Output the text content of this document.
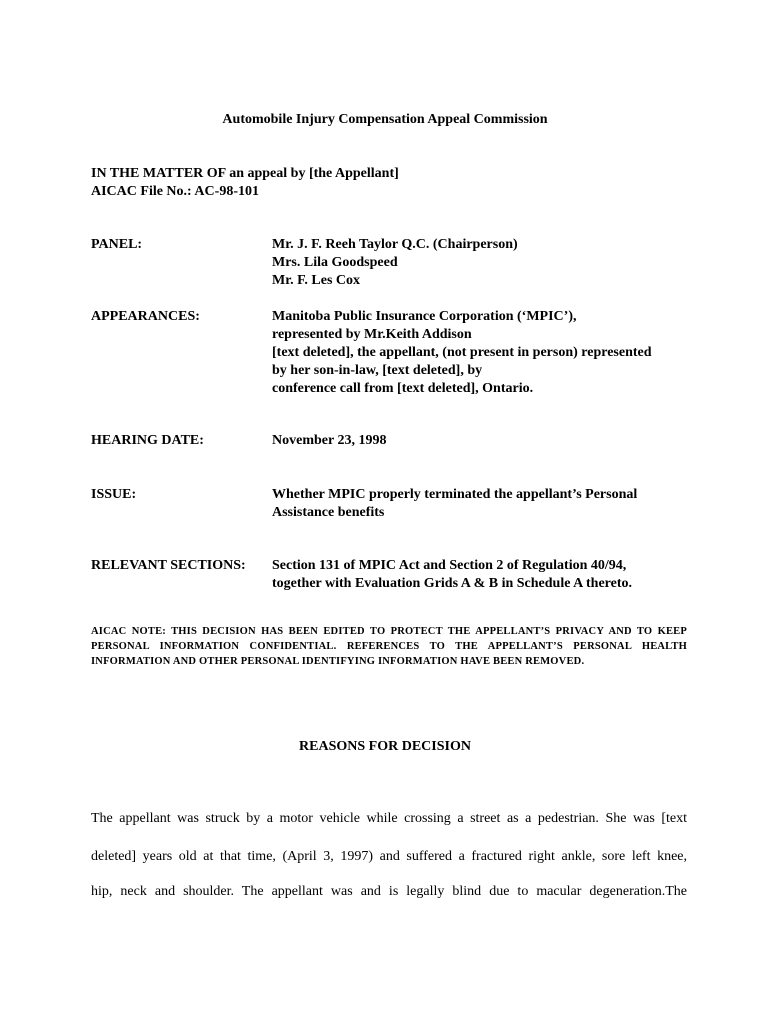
Automobile Injury Compensation Appeal Commission
IN THE MATTER OF an appeal by [the Appellant]
AICAC File No.: AC-98-101
PANEL:	Mr. J. F. Reeh Taylor Q.C. (Chairperson)
Mrs. Lila Goodspeed
Mr. F. Les Cox
APPEARANCES:	Manitoba Public Insurance Corporation (‘MPIC’),
represented by Mr.Keith Addison
[text deleted], the appellant, (not present in person) represented
by her son-in-law, [text deleted], by
conference call from [text deleted], Ontario.
HEARING DATE:	November 23, 1998
ISSUE:	Whether MPIC properly terminated the appellant’s Personal
Assistance benefits
RELEVANT SECTIONS: Section 131 of MPIC Act and Section 2 of Regulation 40/94,
together with Evaluation Grids A & B in Schedule A thereto.
AICAC NOTE: THIS DECISION HAS BEEN EDITED TO PROTECT THE APPELLANT’S PRIVACY AND TO KEEP PERSONAL INFORMATION CONFIDENTIAL. REFERENCES TO THE APPELLANT’S PERSONAL HEALTH INFORMATION AND OTHER PERSONAL IDENTIFYING INFORMATION HAVE BEEN REMOVED.
REASONS FOR DECISION
The appellant was struck by a motor vehicle while crossing a street as a pedestrian. She was [text
deleted] years old at that time, (April 3, 1997) and suffered a fractured right ankle, sore left knee,
hip, neck and shoulder. The appellant was and is legally blind due to macular degeneration.The
